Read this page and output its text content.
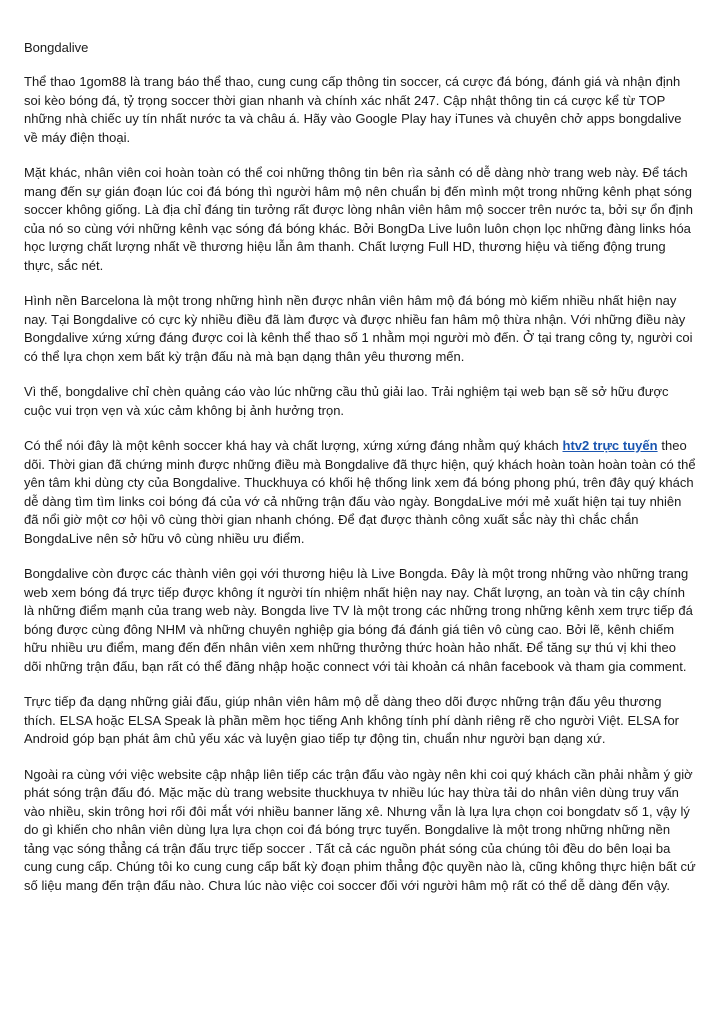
Bongdalive

Thể thao 1gom88 là trang báo thể thao, cung cung cấp thông tin soccer, cá cược đá bóng, đánh giá và nhận định soi kèo bóng đá, tỷ trọng soccer thời gian nhanh và chính xác nhất 247. Cập nhật thông tin cá cược kể từ TOP những nhà chiếc uy tín nhất nước ta và châu á. Hãy vào Google Play hay iTunes và chuyên chở apps bongdalive về máy điện thoại.

Mặt khác, nhân viên coi hoàn toàn có thể coi những thông tin bên rìa sảnh có dễ dàng nhờ trang web này. Để tách mang đến sự gián đoạn lúc coi đá bóng thì người hâm mộ nên chuẩn bị đến mình một trong những kênh phạt sóng soccer không giống. Là địa chỉ đáng tin tưởng rất được lòng nhân viên hâm mộ soccer trên nước ta, bởi sự ổn định của nó so cùng với những kênh vạc sóng đá bóng khác. Bởi BongDa Live luôn luôn chọn lọc những đàng links hóa học lượng chất lượng nhất về thương hiệu lẫn âm thanh. Chất lượng Full HD, thương hiệu và tiếng động trung thực, sắc nét.

Hình nền Barcelona là một trong những hình nền được nhân viên hâm mộ đá bóng mò kiếm nhiều nhất hiện nay nay. Tại Bongdalive có cực kỳ nhiều điều đã làm được và được nhiều fan hâm mộ thừa nhận. Với những điều này Bongdalive xứng xứng đáng được coi là kênh thể thao số 1 nhằm mọi người mò đến. Ở tại trang công ty, người coi có thể lựa chọn xem bất kỳ trận đấu nà mà bạn dạng thân yêu thương mến.

Vì thế, bongdalive chỉ chèn quảng cáo vào lúc những cầu thủ giải lao. Trải nghiệm tại web bạn sẽ sở hữu được cuộc vui trọn vẹn và xúc cảm không bị ảnh hưởng trọn.

Có thể nói đây là một kênh soccer khá hay và chất lượng, xứng xứng đáng nhằm quý khách htv2 trực tuyến theo dõi. Thời gian đã chứng minh được những điều mà Bongdalive đã thực hiện, quý khách hoàn toàn hoàn toàn có thể yên tâm khi dùng cty của Bongdalive. Thuckhuya có khối hệ thống link xem đá bóng phong phú, trên đây quý khách dễ dàng tìm tìm links coi bóng đá của vớ cả những trận đấu vào ngày. BongdaLive mới mẻ xuất hiện tại tuy nhiên đã nổi giờ một cơ hội vô cùng thời gian nhanh chóng. Để đạt được thành công xuất sắc này thì chắc chắn BongdaLive nên sở hữu vô cùng nhiều ưu điểm.

Bongdalive còn được các thành viên gọi với thương hiệu là Live Bongda. Đây là một trong những vào những trang web xem bóng đá trực tiếp được không ít người tín nhiệm nhất hiện nay nay. Chất lượng, an toàn và tin cậy chính là những điểm mạnh của trang web này. Bongda live TV là một trong các những trong những kênh xem trực tiếp đá bóng được cùng đông NHM và những chuyên nghiệp gia bóng đá đánh giá tiên vô cùng cao. Bởi lẽ, kênh chiếm hữu nhiều ưu điểm, mang đến đến nhân viên xem những thưởng thức hoàn hảo nhất. Để tăng sự thú vị khi theo dõi những trận đấu, bạn rất có thể đăng nhập hoặc connect với tài khoản cá nhân facebook và tham gia comment.

Trực tiếp đa dạng những giải đấu, giúp nhân viên hâm mộ dễ dàng theo dõi được những trận đấu yêu thương thích. ELSA hoặc ELSA Speak là phần mềm học tiếng Anh không tính phí dành riêng rẽ cho người Việt. ELSA for Android góp bạn phát âm chủ yếu xác và luyện giao tiếp tự động tin, chuẩn như người bạn dạng xứ.

Ngoài ra cùng với việc website cập nhập liên tiếp các trận đấu vào ngày nên khi coi quý khách cần phải nhằm ý giờ phát sóng trận đấu đó. Mặc mặc dù trang website thuckhuya tv nhiều lúc hay thừa tải do nhân viên dùng truy vấn vào nhiều, skin trông hơi rối đôi mắt với nhiều banner lăng xê. Nhưng vẫn là lựa lựa chọn coi bongdatv số 1, vậy lý do gì khiến cho nhân viên dùng lựa lựa chọn coi đá bóng trực tuyến. Bongdalive là một trong những những nền tảng vạc sóng thẳng cá trận đấu trực tiếp soccer . Tất cả các nguồn phát sóng của chúng tôi đều do bên loại ba cung cung cấp. Chúng tôi ko cung cung cấp bất kỳ đoạn phim thẳng độc quyền nào là, cũng không thực hiện bất cứ số liệu mang đến trận đấu nào. Chưa lúc nào việc coi soccer đối với người hâm mộ rất có thể dễ dàng đến vậy.
